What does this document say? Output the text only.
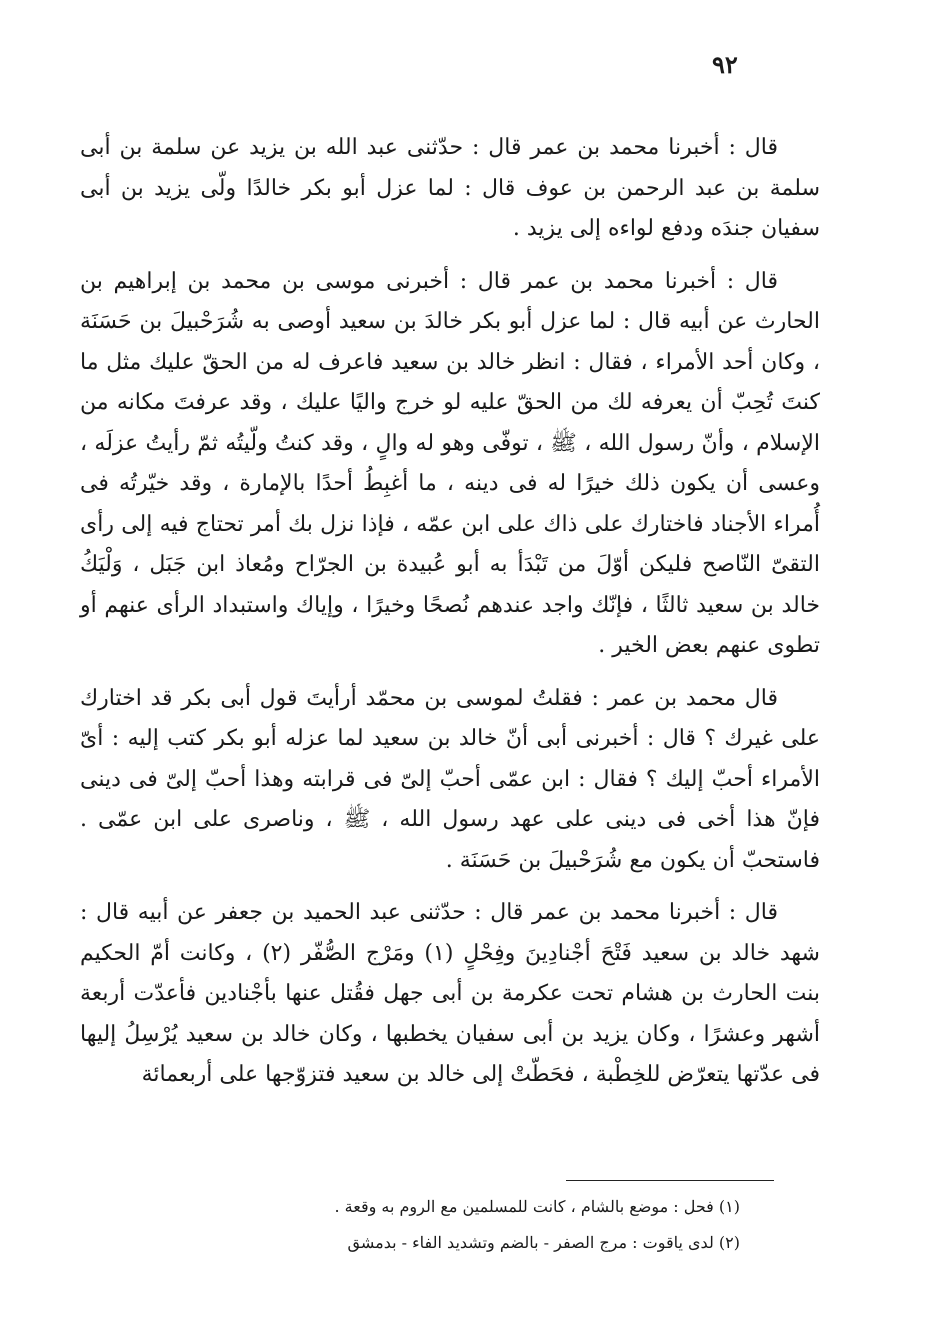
٩٢

قال : أخبرنا محمد بن عمر قال : حدّثنى عبد الله بن يزيد عن سلمة بن أبى سلمة بن عبد الرحمن بن عوف قال : لما عزل أبو بكر خالدًا ولّى يزيد بن أبى سفيان جندَه ودفع لواءه إلى يزيد .

قال : أخبرنا محمد بن عمر قال : أخبرنى موسى بن محمد بن إبراهيم بن الحارث عن أبيه قال : لما عزل أبو بكر خالدَ بن سعيد أوصى به شُرَحْبيلَ بن حَسَنَة ، وكان أحد الأمراء ، فقال : انظر خالد بن سعيد فاعرف له من الحقّ عليك مثل ما كنتَ تُحِبّ أن يعرفه لك من الحقّ عليه لو خرج واليًا عليك ، وقد عرفتَ مكانه من الإسلام ، وأنّ رسول الله ، ﷺ ، توفّى وهو له والٍ ، وقد كنتُ ولّيتُه ثمّ رأيتُ عزلَه ، وعسى أن يكون ذلك خيرًا له فى دينه ، ما أغبِطُ أحدًا بالإمارة ، وقد خيّرتُه فى أُمراء الأجناد فاختارك على ذاك على ابن عمّه ، فإذا نزل بك أمر تحتاج فيه إلى رأى التقىّ النّاصح فليكن أوّلَ من تَبْدَأ به أبو عُبيدة بن الجرّاح ومُعاذ ابن جَبَل ، وَلْيَكُ خالد بن سعيد ثالثًا ، فإنّك واجد عندهم نُصحًا وخيرًا ، وإياك واستبداد الرأى عنهم أو تطوى عنهم بعض الخير .

قال محمد بن عمر : فقلتُ لموسى بن محمّد أرأيتَ قول أبى بكر قد اختارك على غيرك ؟ قال : أخبرنى أبى أنّ خالد بن سعيد لما عزله أبو بكر كتب إليه : أىّ الأمراء أحبّ إليك ؟ فقال : ابن عمّى أحبّ إلىّ فى قرابته وهذا أحبّ إلىّ فى دينى فإنّ هذا أخى فى دينى على عهد رسول الله ، ﷺ ، وناصرى على ابن عمّى . فاستحبّ أن يكون مع شُرَحْبيلَ بن حَسَنَة .

قال : أخبرنا محمد بن عمر قال : حدّثنى عبد الحميد بن جعفر عن أبيه قال : شهد خالد بن سعيد فَتْحَ أجْنادِينَ وفِحْلٍ (١) ومَرْج الصُّفّر (٢) ، وكانت أمّ الحكيم بنت الحارث بن هشام تحت عكرمة بن أبى جهل فقُتل عنها بأجْنادين فأعدّت أربعة أشهر وعشرًا ، وكان يزيد بن أبى سفيان يخطبها ، وكان خالد بن سعيد يُرْسِلُ إليها فى عدّتها يتعرّض للخِطْبة ، فحَطّتْ إلى خالد بن سعيد فتزوّجها على أربعمائة

(١) فحل : موضع بالشام ، كانت للمسلمين مع الروم به وقعة .

(٢) لدى ياقوت : مرج الصفر - بالضم وتشديد الفاء - بدمشق
